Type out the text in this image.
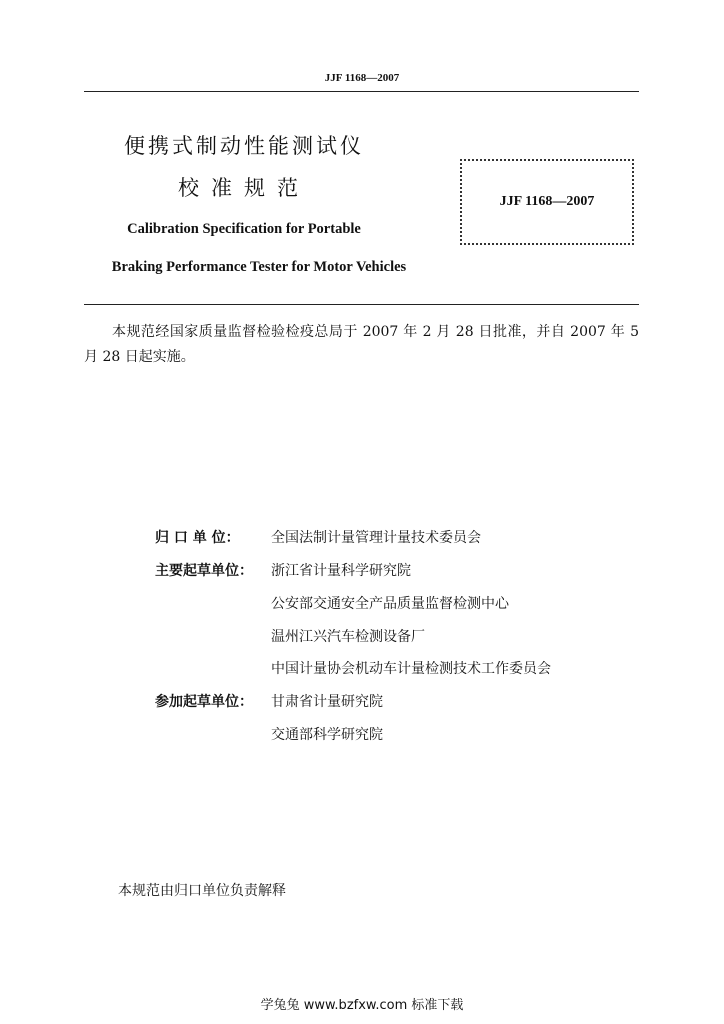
JJF 1168—2007
便携式制动性能测试仪
校准规范
Calibration Specification for Portable
Braking Performance Tester for Motor Vehicles
JJF 1168—2007
本规范经国家质量监督检验检疫总局于 2007 年 2 月 28 日批准，并自 2007 年 5 月 28 日起实施。
归 口 单 位： 全国法制计量管理计量技术委员会
主要起草单位： 浙江省计量科学研究院
公安部交通安全产品质量监督检测中心
温州江兴汽车检测设备厂
中国计量协会机动车计量检测技术工作委员会
参加起草单位： 甘肃省计量研究院
交通部科学研究院
本规范由归口单位负责解释
学兔兔 www.bzfxw.com 标准下载
